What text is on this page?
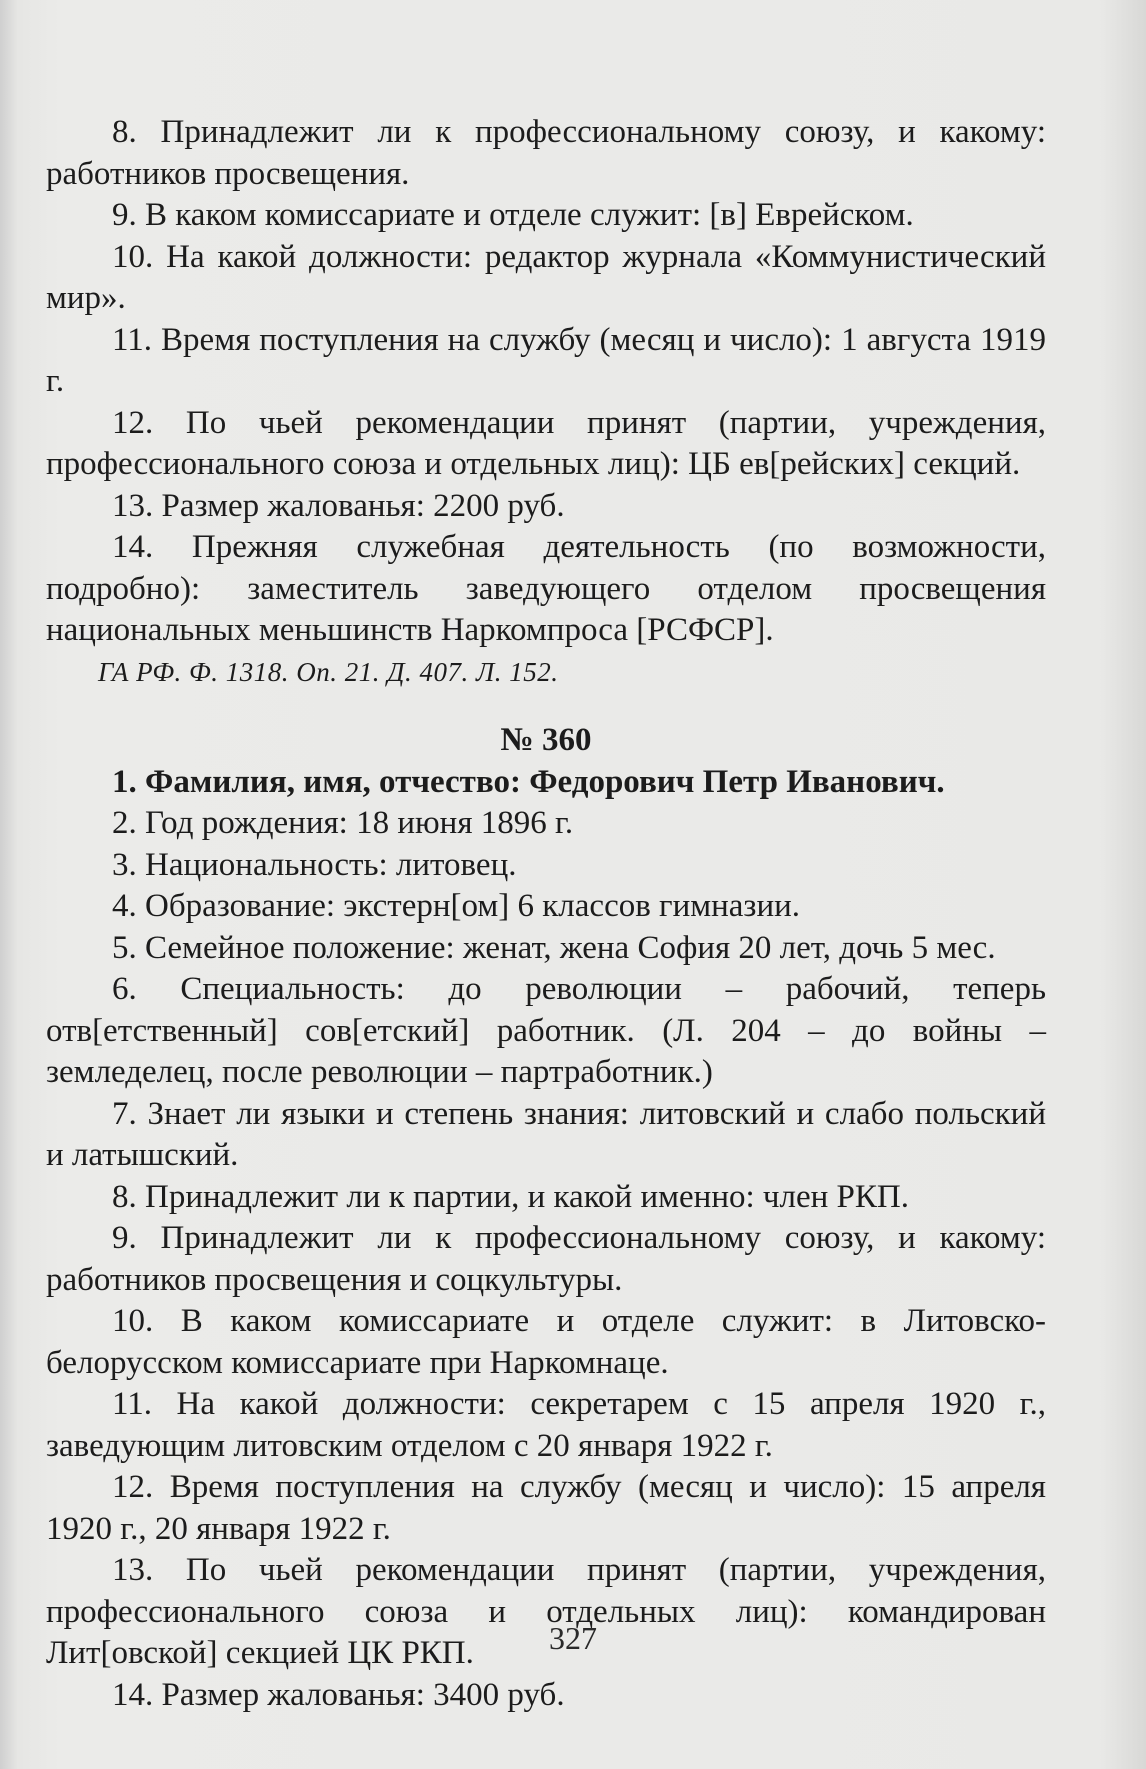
8. Принадлежит ли к профессиональному союзу, и какому: работников просвещения.

9. В каком комиссариате и отделе служит: [в] Еврейском.

10. На какой должности: редактор журнала «Коммунистический мир».

11. Время поступления на службу (месяц и число): 1 августа 1919 г.

12. По чьей рекомендации принят (партии, учреждения, профессионального союза и отдельных лиц): ЦБ ев[рейских] секций.

13. Размер жалованья: 2200 руб.

14. Прежняя служебная деятельность (по возможности, подробно): заместитель заведующего отделом просвещения национальных меньшинств Наркомпроса [РСФСР].

ГА РФ. Ф. 1318. Оп. 21. Д. 407. Л. 152.

№ 360

1. Фамилия, имя, отчество: Федорович Петр Иванович.

2. Год рождения: 18 июня 1896 г.

3. Национальность: литовец.

4. Образование: экстерн[ом] 6 классов гимназии.

5. Семейное положение: женат, жена София 20 лет, дочь 5 мес.

6. Специальность: до революции – рабочий, теперь отв[етственный] сов[етский] работник. (Л. 204 – до войны – земледелец, после революции – партработник.)

7. Знает ли языки и степень знания: литовский и слабо польский и латышский.

8. Принадлежит ли к партии, и какой именно: член РКП.

9. Принадлежит ли к профессиональному союзу, и какому: работников просвещения и соцкультуры.

10. В каком комиссариате и отделе служит: в Литовско-белорусском комиссариате при Наркомнаце.

11. На какой должности: секретарем с 15 апреля 1920 г., заведующим литовским отделом с 20 января 1922 г.

12. Время поступления на службу (месяц и число): 15 апреля 1920 г., 20 января 1922 г.

13. По чьей рекомендации принят (партии, учреждения, профессионального союза и отдельных лиц): командирован Лит[овской] секцией ЦК РКП.

14. Размер жалованья: 3400 руб.

327
